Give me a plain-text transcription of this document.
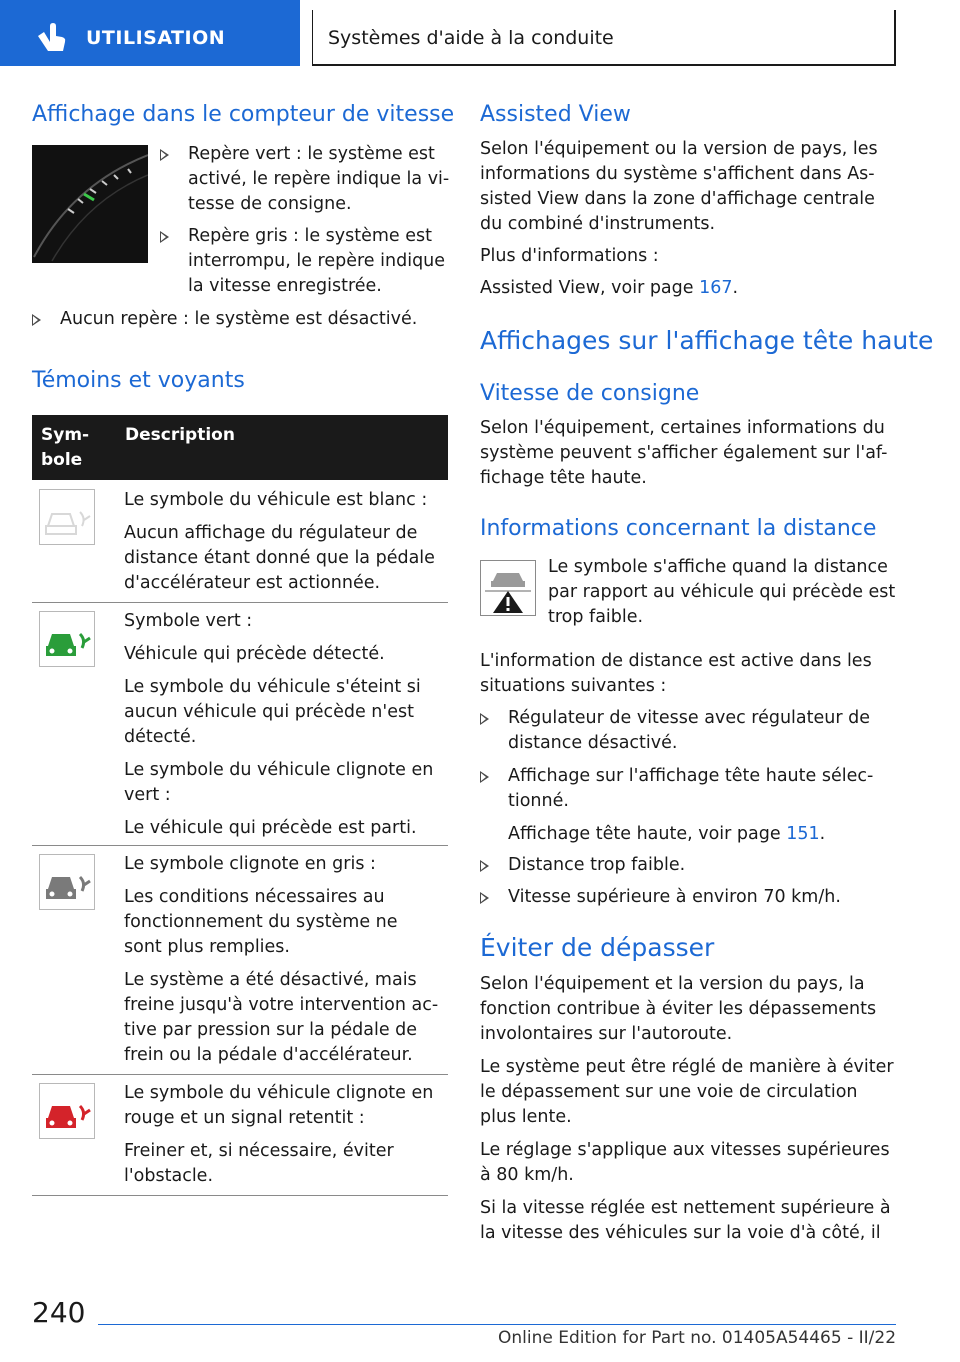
UTILISATION	Systèmes d'aide à la conduite
Affichage dans le compteur de vitesse
Repère vert : le système est
activé, le repère indique la vi-
tesse de consigne.
Repère gris : le système est
interrompu, le repère indique
la vitesse enregistrée.
Aucun repère : le système est désactivé.
Témoins et voyants
Sym-
bole
Description

Le symbole du véhicule est blanc :

Aucun affichage du régulateur de

distance étant donné que la pédale

d'accélérateur est actionnée.

Symbole vert :

Véhicule qui précède détecté.

Le symbole du véhicule s'éteint si

aucun véhicule qui précède n'est

détecté.

Le symbole du véhicule clignote en

vert :

Le véhicule qui précède est parti.

Le symbole clignote en gris :

Les conditions nécessaires au

fonctionnement du système ne

sont plus remplies.

Le système a été désactivé, mais

freine jusqu'à votre intervention ac-

tive par pression sur la pédale de

frein ou la pédale d'accélérateur.

Le symbole du véhicule clignote en

rouge et un signal retentit :

Freiner et, si nécessaire, éviter

l'obstacle.

Assisted View

Selon l'équipement ou la version de pays, les

informations du système s'affichent dans As-

sisted View dans la zone d'affichage centrale

du combiné d'instruments.

Plus d'informations :

Assisted View, voir page 167.

Affichages sur l'affichage tête haute
Vitesse de consigne

Selon l'équipement, certaines informations du

système peuvent s'afficher également sur l'af-

fichage tête haute.

Informations concernant la distance

Le symbole s'affiche quand la distance

par rapport au véhicule qui précède est

trop faible.

L'information de distance est active dans les

situations suivantes :

Régulateur de vitesse avec régulateur de
distance désactivé.
Affichage sur l'affichage tête haute sélec-
tionné.
Affichage tête haute, voir page 151.
Distance trop faible.
Vitesse supérieure à environ 70 km/h.
Éviter de dépasser

Selon l'équipement et la version du pays, la

fonction contribue à éviter les dépassements

involontaires sur l'autoroute.

Le système peut être réglé de manière à éviter

le dépassement sur une voie de circulation

plus lente.

Le réglage s'applique aux vitesses supérieures

à 80 km/h.

Si la vitesse réglée est nettement supérieure à

la vitesse des véhicules sur la voie d'à côté, il

240
Online Edition for Part no. 01405A54465 - II/22
